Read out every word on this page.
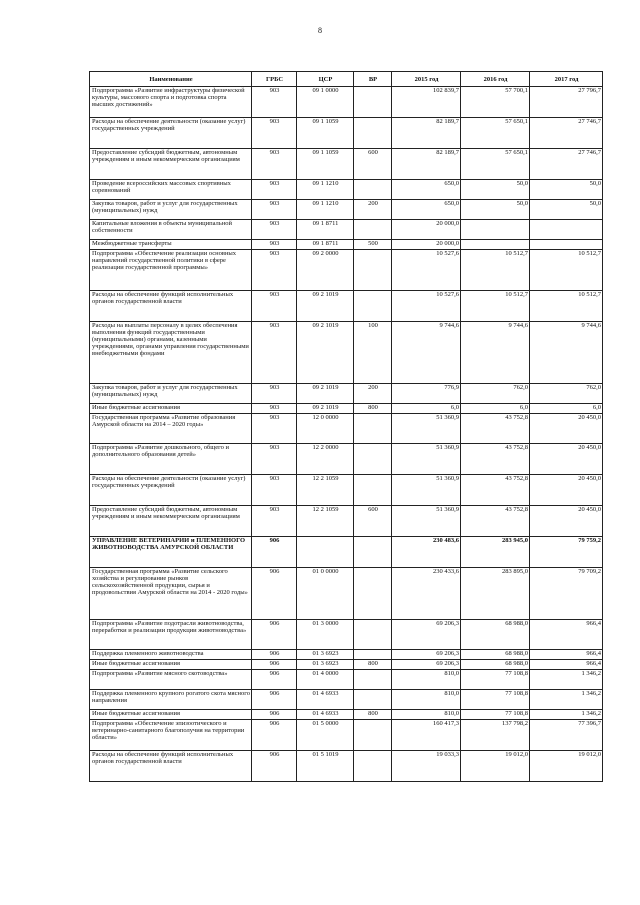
8
Наименование	ГРБС	ЦСР	ВР	2015 год	2016 год	2017 год
Подпрограмма «Развитие инфраструктуры физической культуры, массового спорта и подготовка спорта высших достижений»	903	09 1 0000		102 839,7	57 700,1	27 796,7
Расходы на обеспечение деятельности (оказание услуг) государственных учреждений	903	09 1 1059		82 189,7	57 650,1	27 746,7
Предоставление субсидий бюджетным, автономным учреждениям и иным некоммерческим организациям	903	09 1 1059	600	82 189,7	57 650,1	27 746,7
Проведение всероссийских массовых спортивных соревнований	903	09 1 1210		650,0	50,0	50,0
Закупка товаров, работ и услуг для государственных (муниципальных) нужд	903	09 1 1210	200	650,0	50,0	50,0
Капитальные вложения в объекты муниципальной собственности	903	09 1 8711		20 000,0		
Межбюджетные трансферты	903	09 1 8711	500	20 000,0		
Подпрограмма «Обеспечение реализации основных направлений государственной политики в сфере реализации государственной программы»	903	09 2 0000		10 527,6	10 512,7	10 512,7
Расходы на обеспечение функций исполнительных органов государственной власти	903	09 2 1019		10 527,6	10 512,7	10 512,7
Расходы на выплаты персоналу в целях обеспечения выполнения функций государственными (муниципальными) органами, казенными учреждениями, органами управления государственными внебюджетными фондами	903	09 2 1019	100	9 744,6	9 744,6	9 744,6
Закупка товаров, работ и услуг для государственных (муниципальных) нужд	903	09 2 1019	200	776,9	762,0	762,0
Иные бюджетные ассигнования	903	09 2 1019	800	6,0	6,0	6,0
Государственная программа «Развитие образования Амурской области на 2014 – 2020 годы»	903	12 0 0000		51 360,9	43 752,8	20 450,0
Подпрограмма «Развитие дошкольного, общего и дополнительного образования детей»	903	12 2 0000		51 360,9	43 752,8	20 450,0
Расходы на обеспечение деятельности (оказание услуг) государственных учреждений	903	12 2 1059		51 360,9	43 752,8	20 450,0
Предоставление субсидий бюджетным, автономным учреждениям и иным некоммерческим организациям	903	12 2 1059	600	51 360,9	43 752,8	20 450,0
УПРАВЛЕНИЕ ВЕТЕРИНАРИИ и ПЛЕМЕННОГО ЖИВОТНОВОДСТВА АМУРСКОЙ ОБЛАСТИ	906			230 483,6	283 945,0	79 759,2
Государственная программа «Развитие сельского хозяйства и регулирование рынков сельскохозяйственной продукции, сырья и продовольствия Амурской области на 2014 - 2020 годы»	906	01 0 0000		230 433,6	283 895,0	79 709,2
Подпрограмма «Развитие подотрасли животноводства, переработки и реализации продукции животноводства»	906	01 3 0000		69 206,3	68 988,0	966,4
Поддержка племенного животноводства	906	01 3 6923		69 206,3	68 988,0	966,4
Иные бюджетные ассигнования	906	01 3 6923	800	69 206,3	68 988,0	966,4
Подпрограмма «Развитие мясного скотоводства»	906	01 4 0000		810,0	77 108,8	1 346,2
Поддержка племенного крупного рогатого скота мясного направления	906	01 4 6933		810,0	77 108,8	1 346,2
Иные бюджетные ассигнования	906	01 4 6933	800	810,0	77 108,8	1 346,2
Подпрограмма «Обеспечение эпизоотического и ветеринарно-санитарного благополучия на территории области»	906	01 5 0000		160 417,3	137 798,2	77 396,7
Расходы на обеспечение функций исполнительных органов государственной власти	906	01 5 1019		19 033,3	19 012,0	19 012,0
